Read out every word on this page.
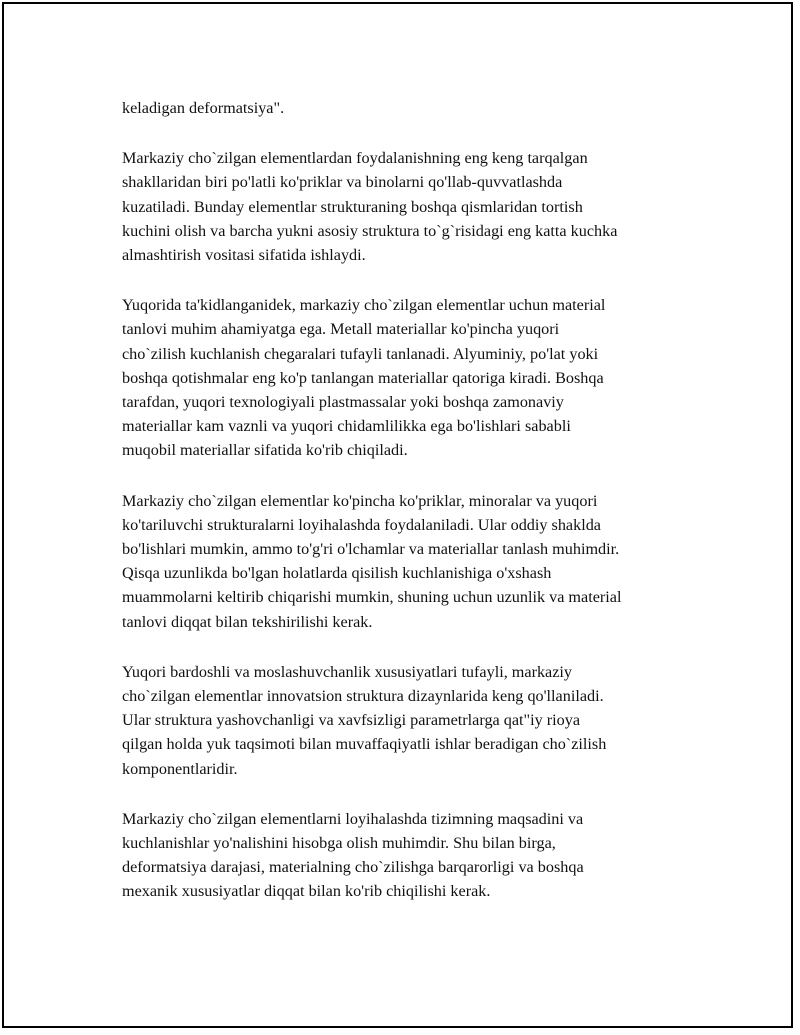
keladigan deformatsiya".

Markaziy cho`zilgan elementlardan foydalanishning eng keng tarqalgan
shakllaridan biri po'latli ko'priklar va binolarni qo'llab-quvvatlashda
kuzatiladi. Bunday elementlar strukturaning boshqa qismlaridan tortish
kuchini olish va barcha yukni asosiy struktura to`g`risidagi eng katta kuchka
almashtirish vositasi sifatida ishlaydi.

Yuqorida ta'kidlanganidek, markaziy cho`zilgan elementlar uchun material
tanlovi muhim ahamiyatga ega. Metall materiallar ko'pincha yuqori
cho`zilish kuchlanish chegaralari tufayli tanlanadi. Alyuminiy, po'lat yoki
boshqa qotishmalar eng ko'p tanlangan materiallar qatoriga kiradi. Boshqa
tarafdan, yuqori texnologiyali plastmassalar yoki boshqa zamonaviy
materiallar kam vaznli va yuqori chidamlilikka ega bo'lishlari sababli
muqobil materiallar sifatida ko'rib chiqiladi.

Markaziy cho`zilgan elementlar ko'pincha ko'priklar, minoralar va yuqori
ko'tariluvchi strukturalarni loyihalashda foydalaniladi. Ular oddiy shaklda
bo'lishlari mumkin, ammo to'g'ri o'lchamlar va materiallar tanlash muhimdir.
Qisqa uzunlikda bo'lgan holatlarda qisilish kuchlanishiga o'xshash
muammolarni keltirib chiqarishi mumkin, shuning uchun uzunlik va material
tanlovi diqqat bilan tekshirilishi kerak.

Yuqori bardoshli va moslashuvchanlik xususiyatlari tufayli, markaziy
cho`zilgan elementlar innovatsion struktura dizaynlarida keng qo'llaniladi.
Ular struktura yashovchanligi va xavfsizligi parametrlarga qat"iy rioya
qilgan holda yuk taqsimoti bilan muvaffaqiyatli ishlar beradigan cho`zilish
komponentlaridir.

Markaziy cho`zilgan elementlarni loyihalashda tizimning maqsadini va
kuchlanishlar yo'nalishini hisobga olish muhimdir. Shu bilan birga,
deformatsiya darajasi, materialning cho`zilishga barqarorligi va boshqa
mexanik xususiyatlar diqqat bilan ko'rib chiqilishi kerak.
